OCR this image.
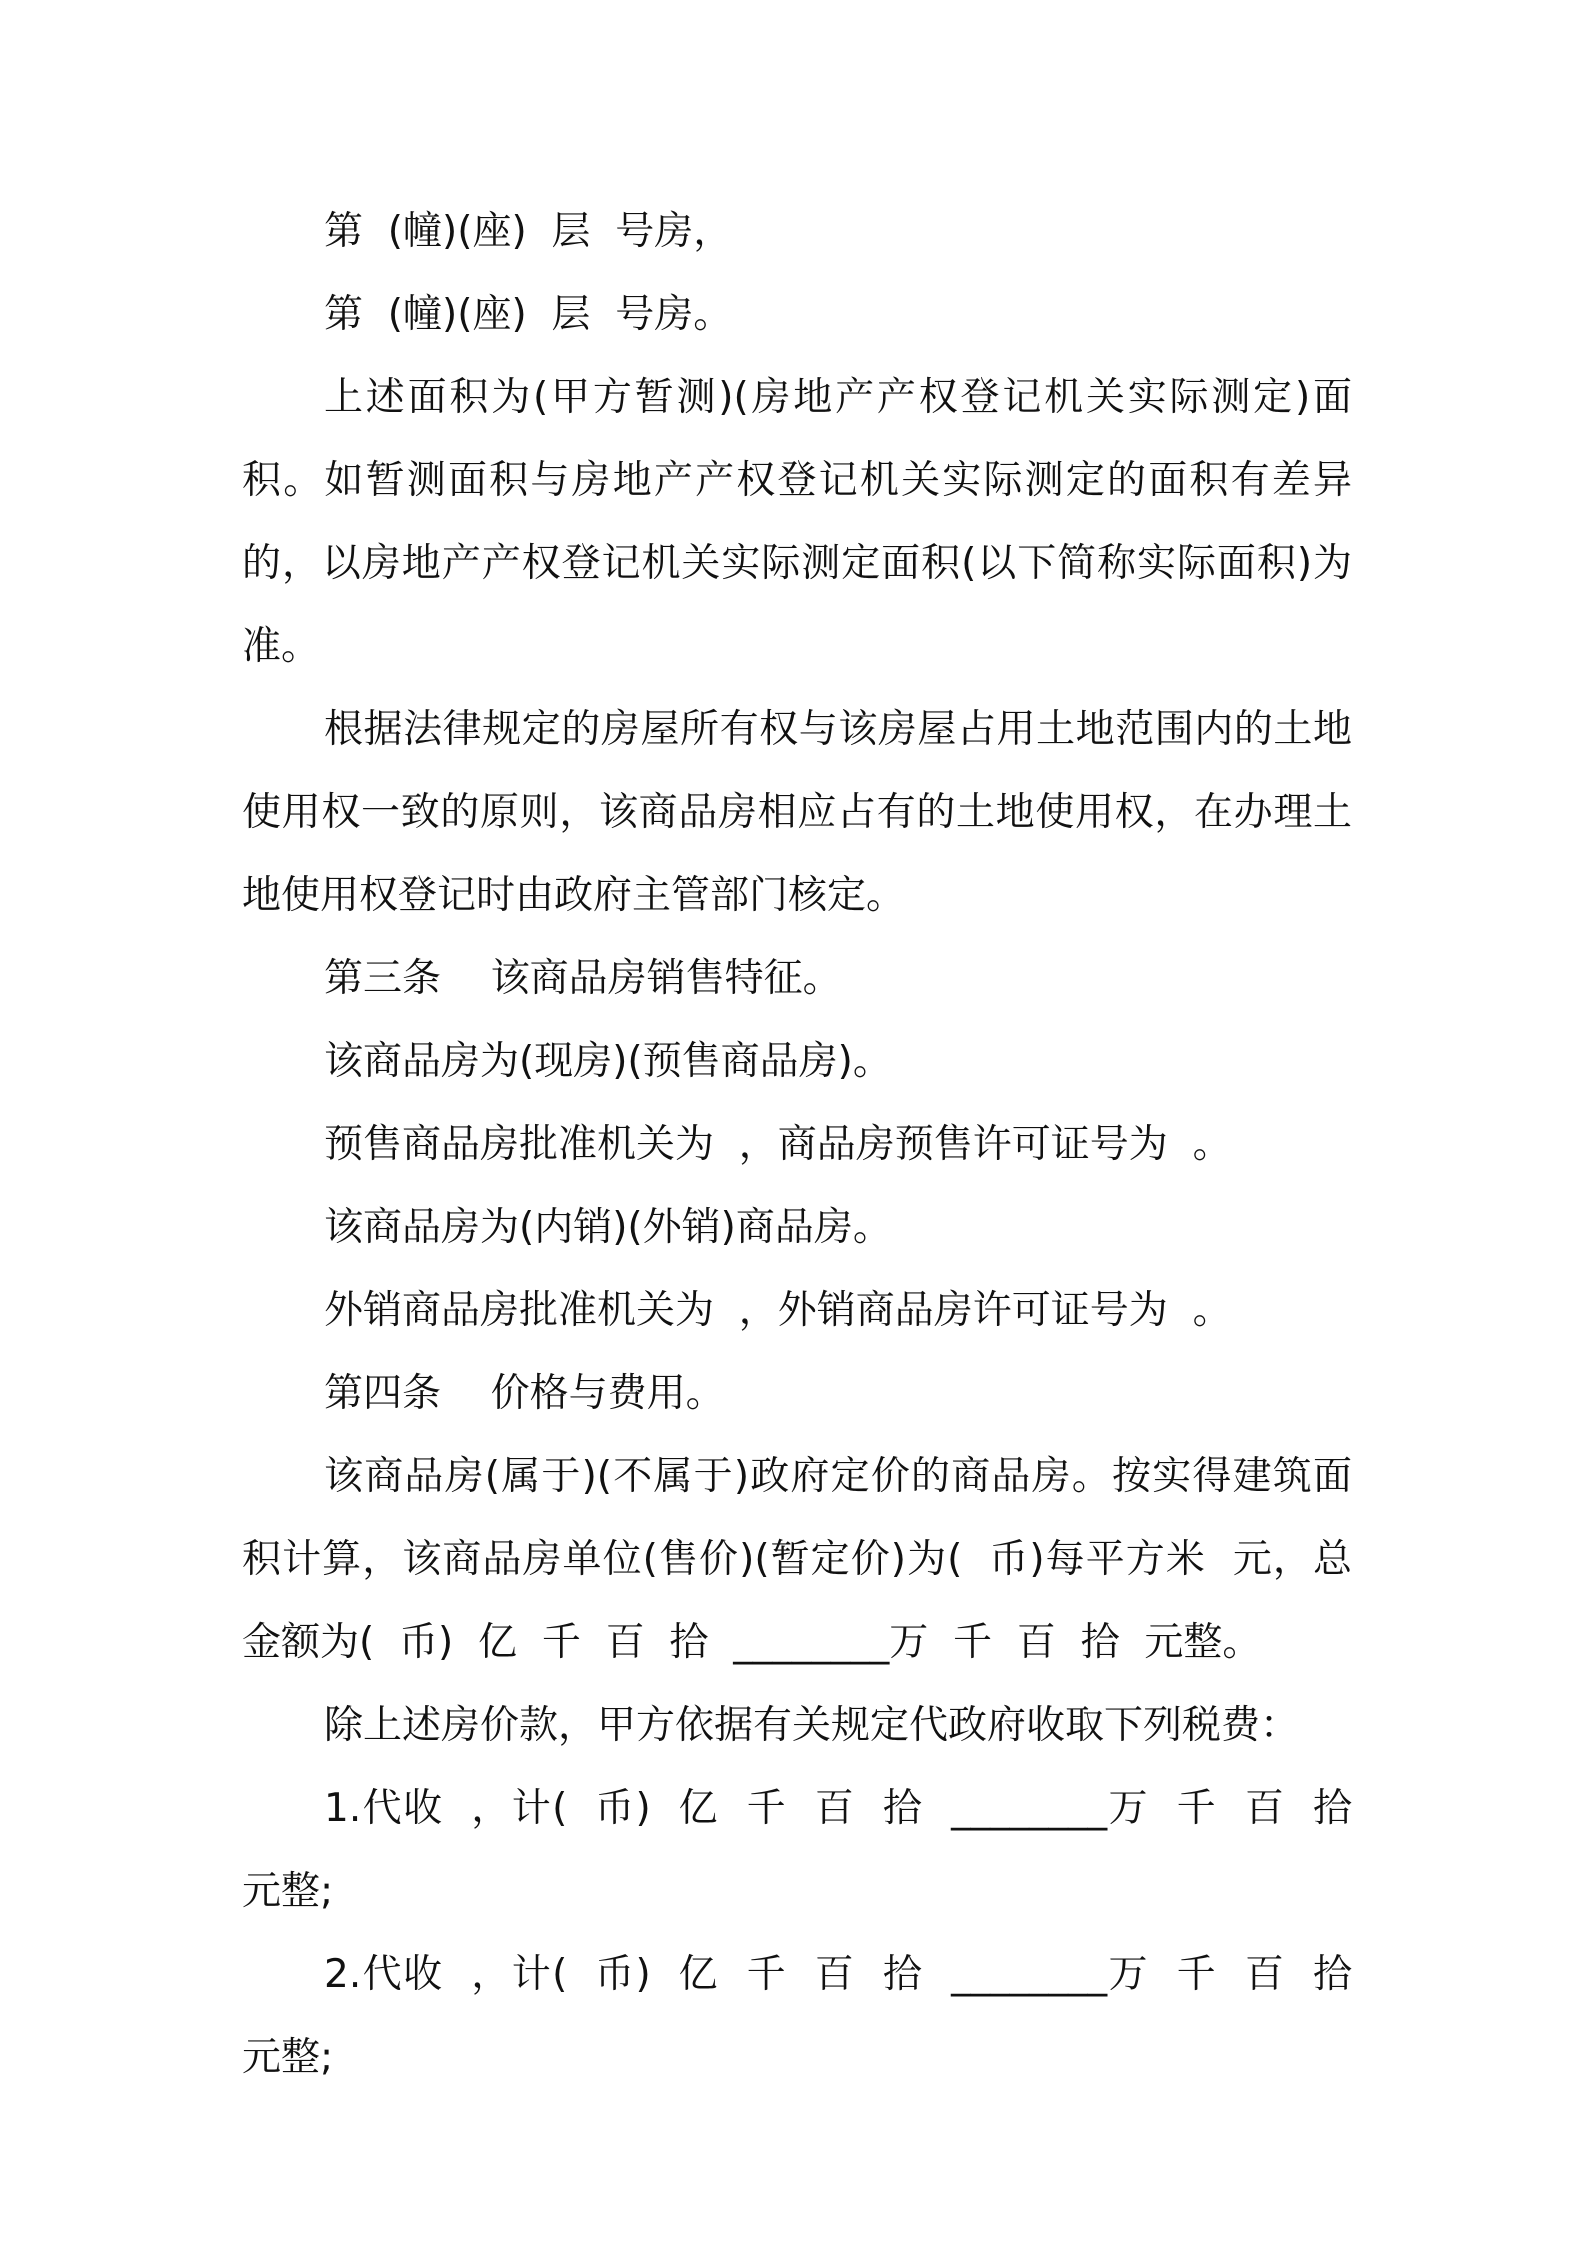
第  (幢)(座)  层  号房，

第  (幢)(座)  层  号房。

上述面积为(甲方暂测)(房地产产权登记机关实际测定)面积。如暂测面积与房地产产权登记机关实际测定的面积有差异的，以房地产产权登记机关实际测定面积(以下简称实际面积)为准。

根据法律规定的房屋所有权与该房屋占用土地范围内的土地使用权一致的原则，该商品房相应占有的土地使用权，在办理土地使用权登记时由政府主管部门核定。

第三条    该商品房销售特征。

该商品房为(现房)(预售商品房)。

预售商品房批准机关为  ，商品房预售许可证号为  。

该商品房为(内销)(外销)商品房。

外销商品房批准机关为  ，外销商品房许可证号为  。

第四条    价格与费用。

该商品房(属于)(不属于)政府定价的商品房。按实得建筑面积计算，该商品房单位(售价)(暂定价)为(  币)每平方米  元，总金额为(  币)  亿  千  百  拾  ________万  千  百  拾  元整。

除上述房价款，甲方依据有关规定代政府收取下列税费：

1.代收  ，计(  币)  亿  千  百  拾  ________万  千  百  拾  元整;

2.代收  ，计(  币)  亿  千  百  拾  ________万  千  百  拾  元整;
